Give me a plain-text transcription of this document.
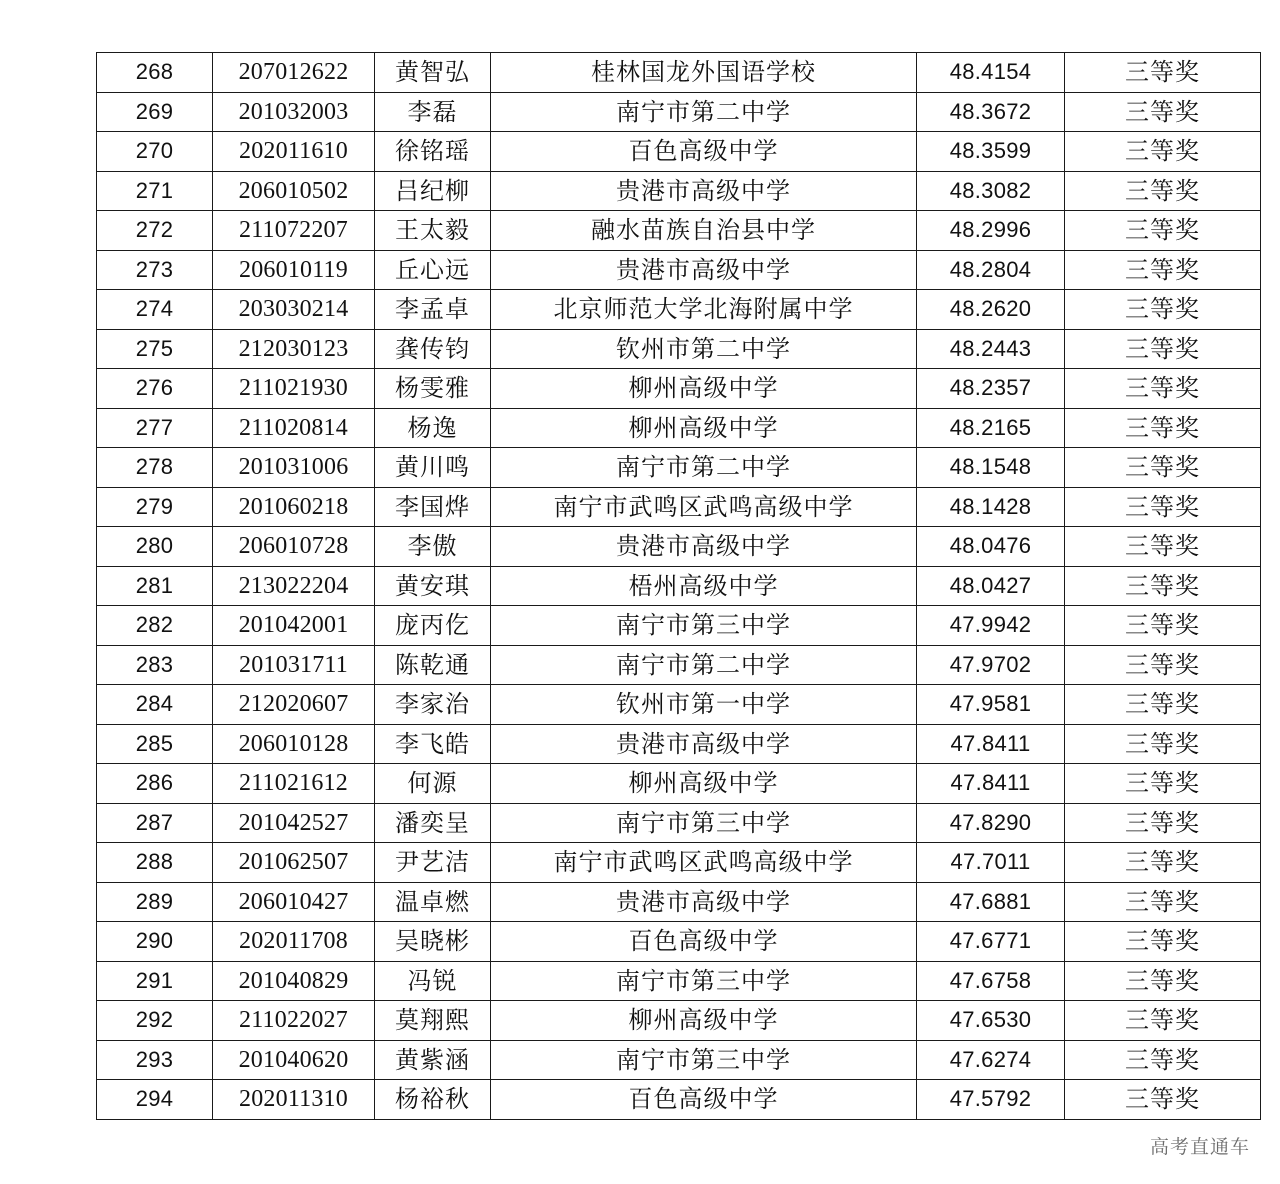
268	207012622	黄智弘	桂林国龙外国语学校	48.4154	三等奖
269	201032003	李磊	南宁市第二中学	48.3672	三等奖
270	202011610	徐铭瑶	百色高级中学	48.3599	三等奖
271	206010502	吕纪柳	贵港市高级中学	48.3082	三等奖
272	211072207	王太毅	融水苗族自治县中学	48.2996	三等奖
273	206010119	丘心远	贵港市高级中学	48.2804	三等奖
274	203030214	李孟卓	北京师范大学北海附属中学	48.2620	三等奖
275	212030123	龚传钧	钦州市第二中学	48.2443	三等奖
276	211021930	杨雯雅	柳州高级中学	48.2357	三等奖
277	211020814	杨逸	柳州高级中学	48.2165	三等奖
278	201031006	黄川鸣	南宁市第二中学	48.1548	三等奖
279	201060218	李国烨	南宁市武鸣区武鸣高级中学	48.1428	三等奖
280	206010728	李傲	贵港市高级中学	48.0476	三等奖
281	213022204	黄安琪	梧州高级中学	48.0427	三等奖
282	201042001	庞丙仡	南宁市第三中学	47.9942	三等奖
283	201031711	陈乾通	南宁市第二中学	47.9702	三等奖
284	212020607	李家治	钦州市第一中学	47.9581	三等奖
285	206010128	李飞皓	贵港市高级中学	47.8411	三等奖
286	211021612	何源	柳州高级中学	47.8411	三等奖
287	201042527	潘奕呈	南宁市第三中学	47.8290	三等奖
288	201062507	尹艺洁	南宁市武鸣区武鸣高级中学	47.7011	三等奖
289	206010427	温卓燃	贵港市高级中学	47.6881	三等奖
290	202011708	吴晓彬	百色高级中学	47.6771	三等奖
291	201040829	冯锐	南宁市第三中学	47.6758	三等奖
292	211022027	莫翔熙	柳州高级中学	47.6530	三等奖
293	201040620	黄紫涵	南宁市第三中学	47.6274	三等奖
294	202011310	杨裕秋	百色高级中学	47.5792	三等奖
高考直通车
